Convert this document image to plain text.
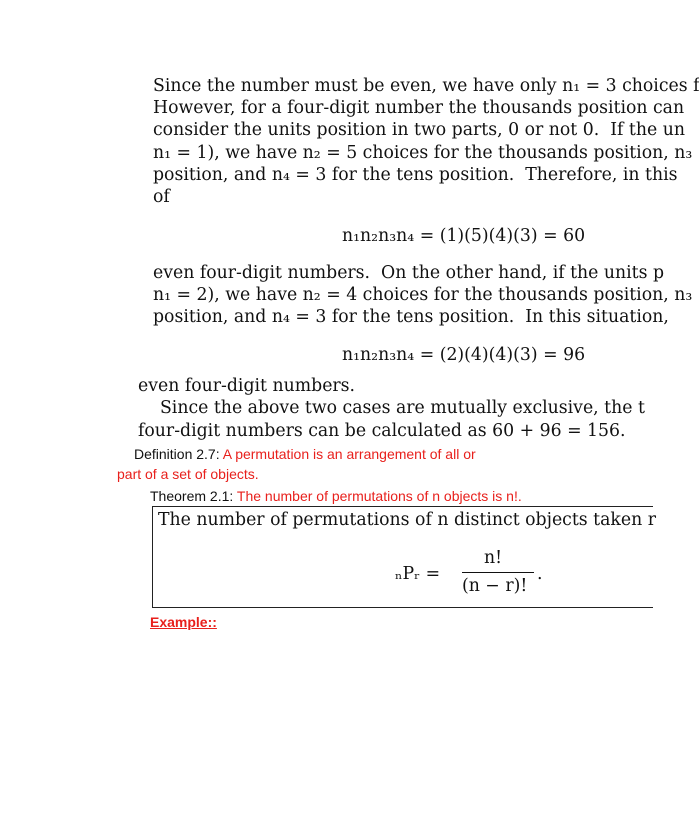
Since the number must be even, we have only n₁ = 3 choices f
However, for a four-digit number the thousands position can
consider the units position in two parts, 0 or not 0.  If the un
n₁ = 1), we have n₂ = 5 choices for the thousands position, n₃
position, and n₄ = 3 for the tens position.  Therefore, in this
of
n₁n₂n₃n₄ = (1)(5)(4)(3) = 60
even four-digit numbers.  On the other hand, if the units p
n₁ = 2), we have n₂ = 4 choices for the thousands position, n₃
position, and n₄ = 3 for the tens position.  In this situation,
n₁n₂n₃n₄ = (2)(4)(4)(3) = 96
even four-digit numbers.
Since the above two cases are mutually exclusive, the t
four-digit numbers can be calculated as 60 + 96 = 156.
Definition 2.7: A permutation is an arrangement of all or
part of a set of objects.
Theorem 2.1: The number of permutations of n objects is n!.
The number of permutations of n distinct objects taken r
ₙPᵣ =
n!
(n − r)!
.
Example::
